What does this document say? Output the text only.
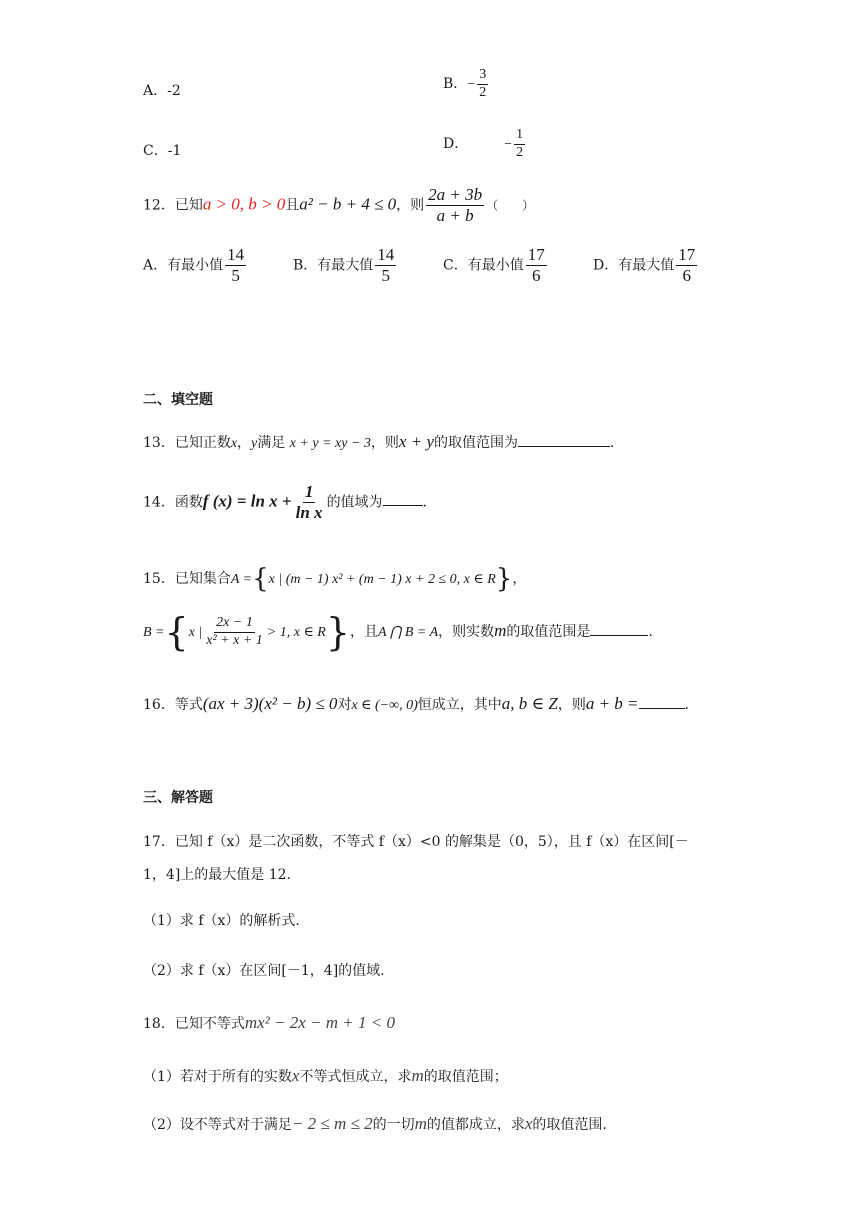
A．-2	B．− $\frac{3}{2}$
C．-1	D．	− $\frac{1}{2}$
12．已知a > 0, b > 0且a² − b + 4 ≤ 0，则 $\frac{2a + 3b}{a + b}$ （　　）
A．有最小值 $\frac{14}{5}$	B．有最大值 $\frac{14}{5}$	C．有最小值 $\frac{17}{6}$	D．有最大值 $\frac{17}{6}$
二、填空题
13．已知正数x，y满足 x + y = xy − 3，则x + y的取值范围为	.
14．函数f $(x) = \ln x + \frac{1}{\text{ln x}}$ 的值域为	.
15．已知集合A ={x | (m − 1) x² + (m − 1) x + 2 ≤ 0, x ∈ R}，
B ={x | $\frac{2x - 1}{\text{x² + x + 1}} > 1$, x ∈ R}，且A ⋂ B = A，则实数m的取值范围是	.
16．等式(ax + 3)(x² − b) ≤ 0对x ∈ (−∞, 0)恒成立，其中a, b ∈ Z，则a + b =	.
三、解答题
17．已知 f（x）是二次函数，不等式 f（x）<0 的解集是（0，5），且 f（x）在区间[－
1，4]上的最大值是 12.
（1）求 f（x）的解析式.
（2）求 f（x）在区间[－1，4]的值域.
18．已知不等式mx² − 2x − m + 1 < 0
（1）若对于所有的实数x不等式恒成立，求m的取值范围；
（2）设不等式对于满足− 2 ≤ m ≤ 2的一切m的值都成立，求x的取值范围.
